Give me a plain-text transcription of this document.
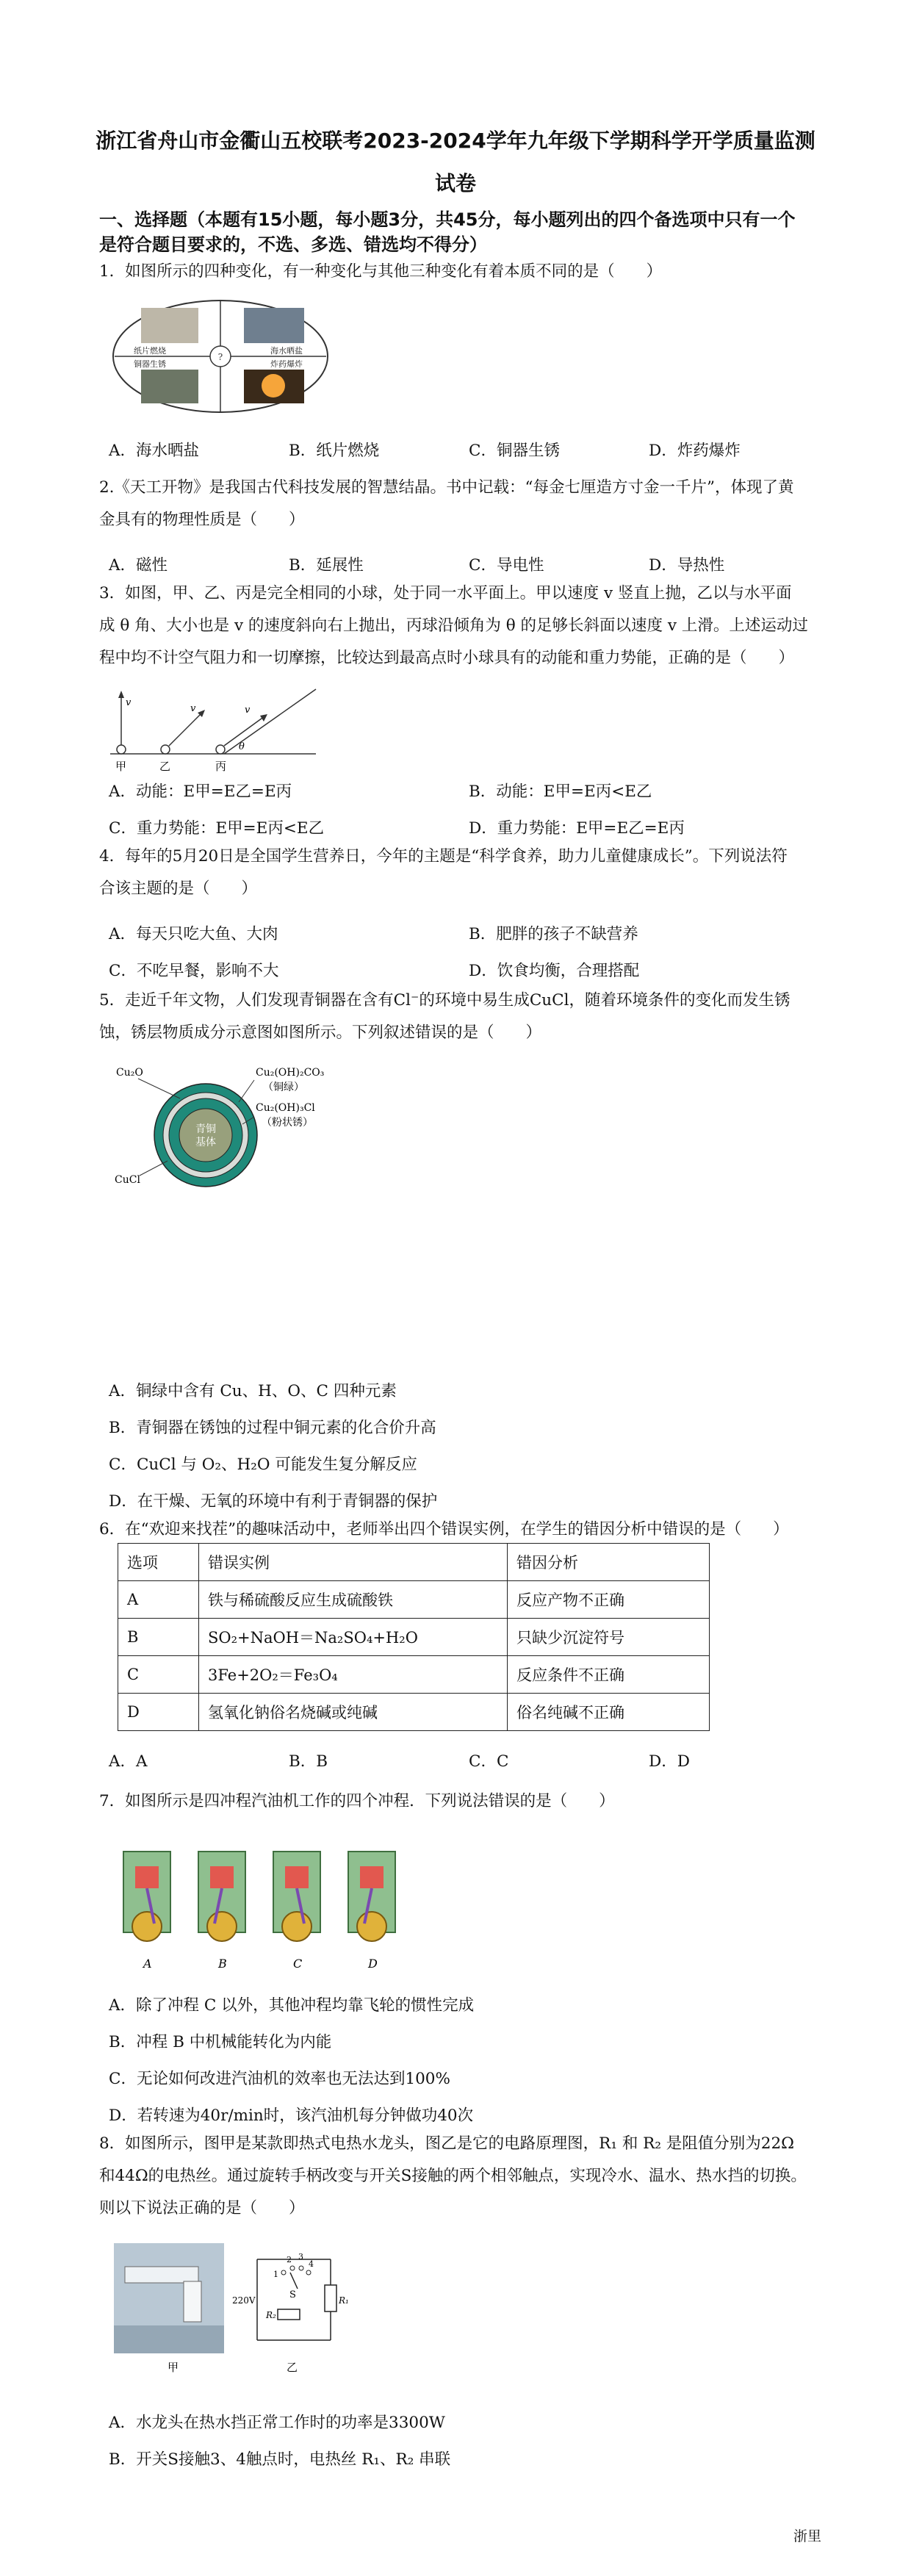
浙江省舟山市金衢山五校联考2023-2024学年九年级下学期科学开学质量监测
试卷
一、选择题（本题有15小题，每小题3分，共45分，每小题列出的四个备选项中只有一个
是符合题目要求的，不选、多选、错选均不得分）
1．如图所示的四种变化，有一种变化与其他三种变化有着本质不同的是（　　）
?
纸片燃烧	海水晒盐
铜器生锈	炸药爆炸
A．海水晒盐	B．纸片燃烧	C．铜器生锈	D．炸药爆炸
2.《天工开物》是我国古代科技发展的智慧结晶。书中记载：“每金七厘造方寸金一千片”，体现了黄
金具有的物理性质是（　　）
A．磁性	B．延展性	C．导电性	D．导热性
3．如图，甲、乙、丙是完全相同的小球，处于同一水平面上。甲以速度 v 竖直上抛，乙以与水平面
成 θ 角、大小也是 v 的速度斜向右上抛出，丙球沿倾角为 θ 的足够长斜面以速度 v 上滑。上述运动过
程中均不计空气阻力和一切摩擦，比较达到最高点时小球具有的动能和重力势能，正确的是（　　）
v
v	v
θ
甲	乙	丙
A．动能：E甲=E乙=E丙	B．动能：E甲=E丙<E乙
C．重力势能：E甲=E丙<E乙	D．重力势能：E甲=E乙=E丙
4．每年的5月20日是全国学生营养日，今年的主题是“科学食养，助力儿童健康成长”。下列说法符
合该主题的是（　　）
A．每天只吃大鱼、大肉	B．肥胖的孩子不缺营养
C．不吃早餐，影响不大	D．饮食均衡，合理搭配
5．走近千年文物，人们发现青铜器在含有Cl⁻的环境中易生成CuCl，随着环境条件的变化而发生锈
蚀，锈层物质成分示意图如图所示。下列叙述错误的是（　　）
青铜
基体
Cu₂O	Cu₂(OH)₂CO₃
（铜绿）
Cu₂(OH)₃Cl
（粉状锈）
CuCl
A．铜绿中含有 Cu、H、O、C 四种元素
B．青铜器在锈蚀的过程中铜元素的化合价升高
C．CuCl 与 O₂、H₂O 可能发生复分解反应
D．在干燥、无氧的环境中有利于青铜器的保护
6．在“欢迎来找茬”的趣味活动中，老师举出四个错误实例，在学生的错因分析中错误的是（　　）
选项	错误实例	错因分析
A	铁与稀硫酸反应生成硫酸铁	反应产物不正确
B	SO₂+NaOH＝Na₂SO₄+H₂O	只缺少沉淀符号
C	3Fe+2O₂＝Fe₃O₄	反应条件不正确
D	氢氧化钠俗名烧碱或纯碱	俗名纯碱不正确
A．A	B．B	C．C	D．D
7．如图所示是四冲程汽油机工作的四个冲程．下列说法错误的是（　　）
A	B	C	D
A．除了冲程 C 以外，其他冲程均靠飞轮的惯性完成
B．冲程 B 中机械能转化为内能
C．无论如何改进汽油机的效率也无法达到100%
D．若转速为40r/min时，该汽油机每分钟做功40次
8．如图所示，图甲是某款即热式电热水龙头，图乙是它的电路原理图，R₁ 和 R₂ 是阻值分别为22Ω
和44Ω的电热丝。通过旋转手柄改变与开关S接触的两个相邻触点，实现冷水、温水、热水挡的切换。
则以下说法正确的是（　　）
220V	S	R₁
R₂
1
2 3
4
甲	乙
A．水龙头在热水挡正常工作时的功率是3300W
B．开关S接触3、4触点时，电热丝 R₁、R₂ 串联
浙里
